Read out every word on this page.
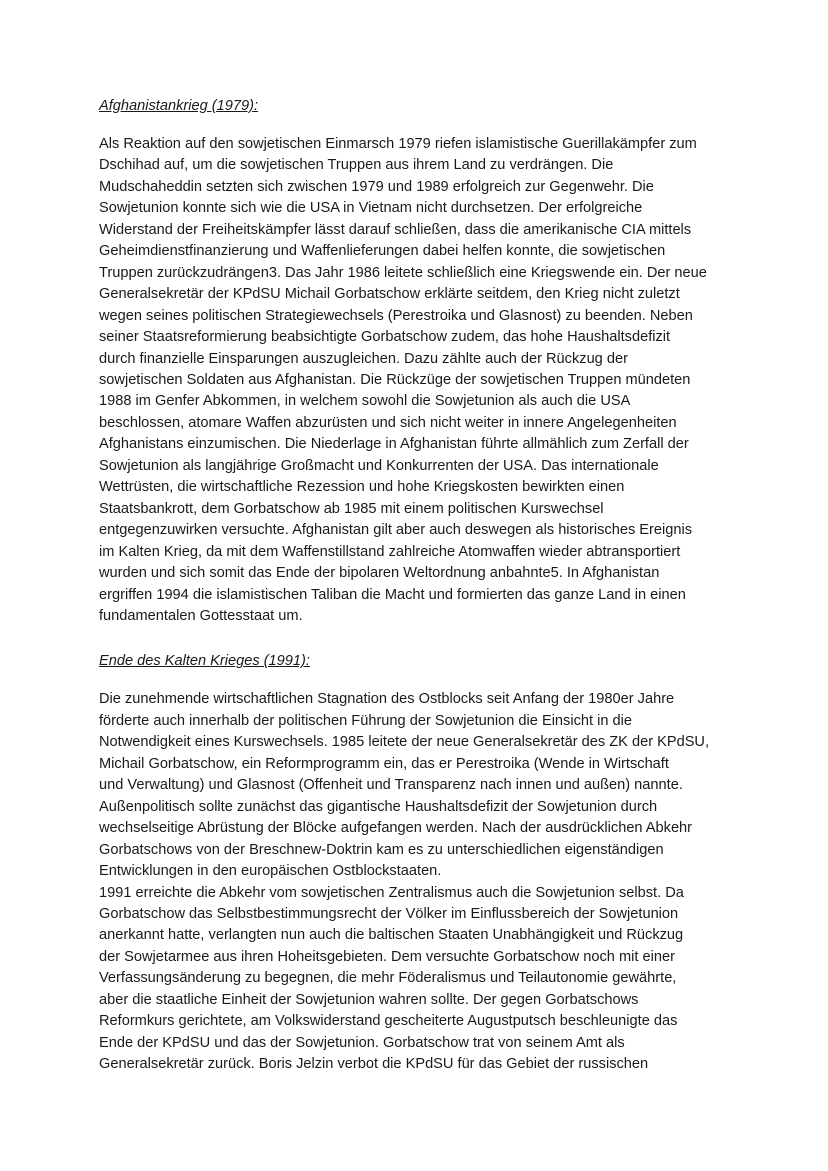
Afghanistankrieg (1979):

Als Reaktion auf den sowjetischen Einmarsch 1979 riefen islamistische Guerillakämpfer zum
Dschihad auf, um die sowjetischen Truppen aus ihrem Land zu verdrängen. Die
Mudschaheddin setzten sich zwischen 1979 und 1989 erfolgreich zur Gegenwehr. Die
Sowjetunion konnte sich wie die USA in Vietnam nicht durchsetzen. Der erfolgreiche
Widerstand der Freiheitskämpfer lässt darauf schließen, dass die amerikanische CIA mittels
Geheimdienstfinanzierung und Waffenlieferungen dabei helfen konnte, die sowjetischen
Truppen zurückzudrängen3. Das Jahr 1986 leitete schließlich eine Kriegswende ein. Der neue
Generalsekretär der KPdSU Michail Gorbatschow erklärte seitdem, den Krieg nicht zuletzt
wegen seines politischen Strategiewechsels (Perestroika und Glasnost) zu beenden. Neben
seiner Staatsreformierung beabsichtigte Gorbatschow zudem, das hohe Haushaltsdefizit
durch finanzielle Einsparungen auszugleichen. Dazu zählte auch der Rückzug der
sowjetischen Soldaten aus Afghanistan. Die Rückzüge der sowjetischen Truppen mündeten
1988 im Genfer Abkommen, in welchem sowohl die Sowjetunion als auch die USA
beschlossen, atomare Waffen abzurüsten und sich nicht weiter in innere Angelegenheiten
Afghanistans einzumischen. Die Niederlage in Afghanistan führte allmählich zum Zerfall der
Sowjetunion als langjährige Großmacht und Konkurrenten der USA. Das internationale
Wettrüsten, die wirtschaftliche Rezession und hohe Kriegskosten bewirkten einen
Staatsbankrott, dem Gorbatschow ab 1985 mit einem politischen Kurswechsel
entgegenzuwirken versuchte. Afghanistan gilt aber auch deswegen als historisches Ereignis
im Kalten Krieg, da mit dem Waffenstillstand zahlreiche Atomwaffen wieder abtransportiert
wurden und sich somit das Ende der bipolaren Weltordnung anbahnte5. In Afghanistan
ergriffen 1994 die islamistischen Taliban die Macht und formierten das ganze Land in einen
fundamentalen Gottesstaat um.

Ende des Kalten Krieges (1991):

Die zunehmende wirtschaftlichen Stagnation des Ostblocks seit Anfang der 1980er Jahre
förderte auch innerhalb der politischen Führung der Sowjetunion die Einsicht in die
Notwendigkeit eines Kurswechsels. 1985 leitete der neue Generalsekretär des ZK der KPdSU,
Michail Gorbatschow, ein Reformprogramm ein, das er Perestroika (Wende in Wirtschaft
und Verwaltung) und Glasnost (Offenheit und Transparenz nach innen und außen) nannte.
Außenpolitisch sollte zunächst das gigantische Haushaltsdefizit der Sowjetunion durch
wechselseitige Abrüstung der Blöcke aufgefangen werden. Nach der ausdrücklichen Abkehr
Gorbatschows von der Breschnew-Doktrin kam es zu unterschiedlichen eigenständigen
Entwicklungen in den europäischen Ostblockstaaten.

1991 erreichte die Abkehr vom sowjetischen Zentralismus auch die Sowjetunion selbst. Da
Gorbatschow das Selbstbestimmungsrecht der Völker im Einflussbereich der Sowjetunion
anerkannt hatte, verlangten nun auch die baltischen Staaten Unabhängigkeit und Rückzug
der Sowjetarmee aus ihren Hoheitsgebieten. Dem versuchte Gorbatschow noch mit einer
Verfassungsänderung zu begegnen, die mehr Föderalismus und Teilautonomie gewährte,
aber die staatliche Einheit der Sowjetunion wahren sollte. Der gegen Gorbatschows
Reformkurs gerichtete, am Volkswiderstand gescheiterte Augustputsch beschleunigte das
Ende der KPdSU und das der Sowjetunion. Gorbatschow trat von seinem Amt als
Generalsekretär zurück. Boris Jelzin verbot die KPdSU für das Gebiet der russischen
